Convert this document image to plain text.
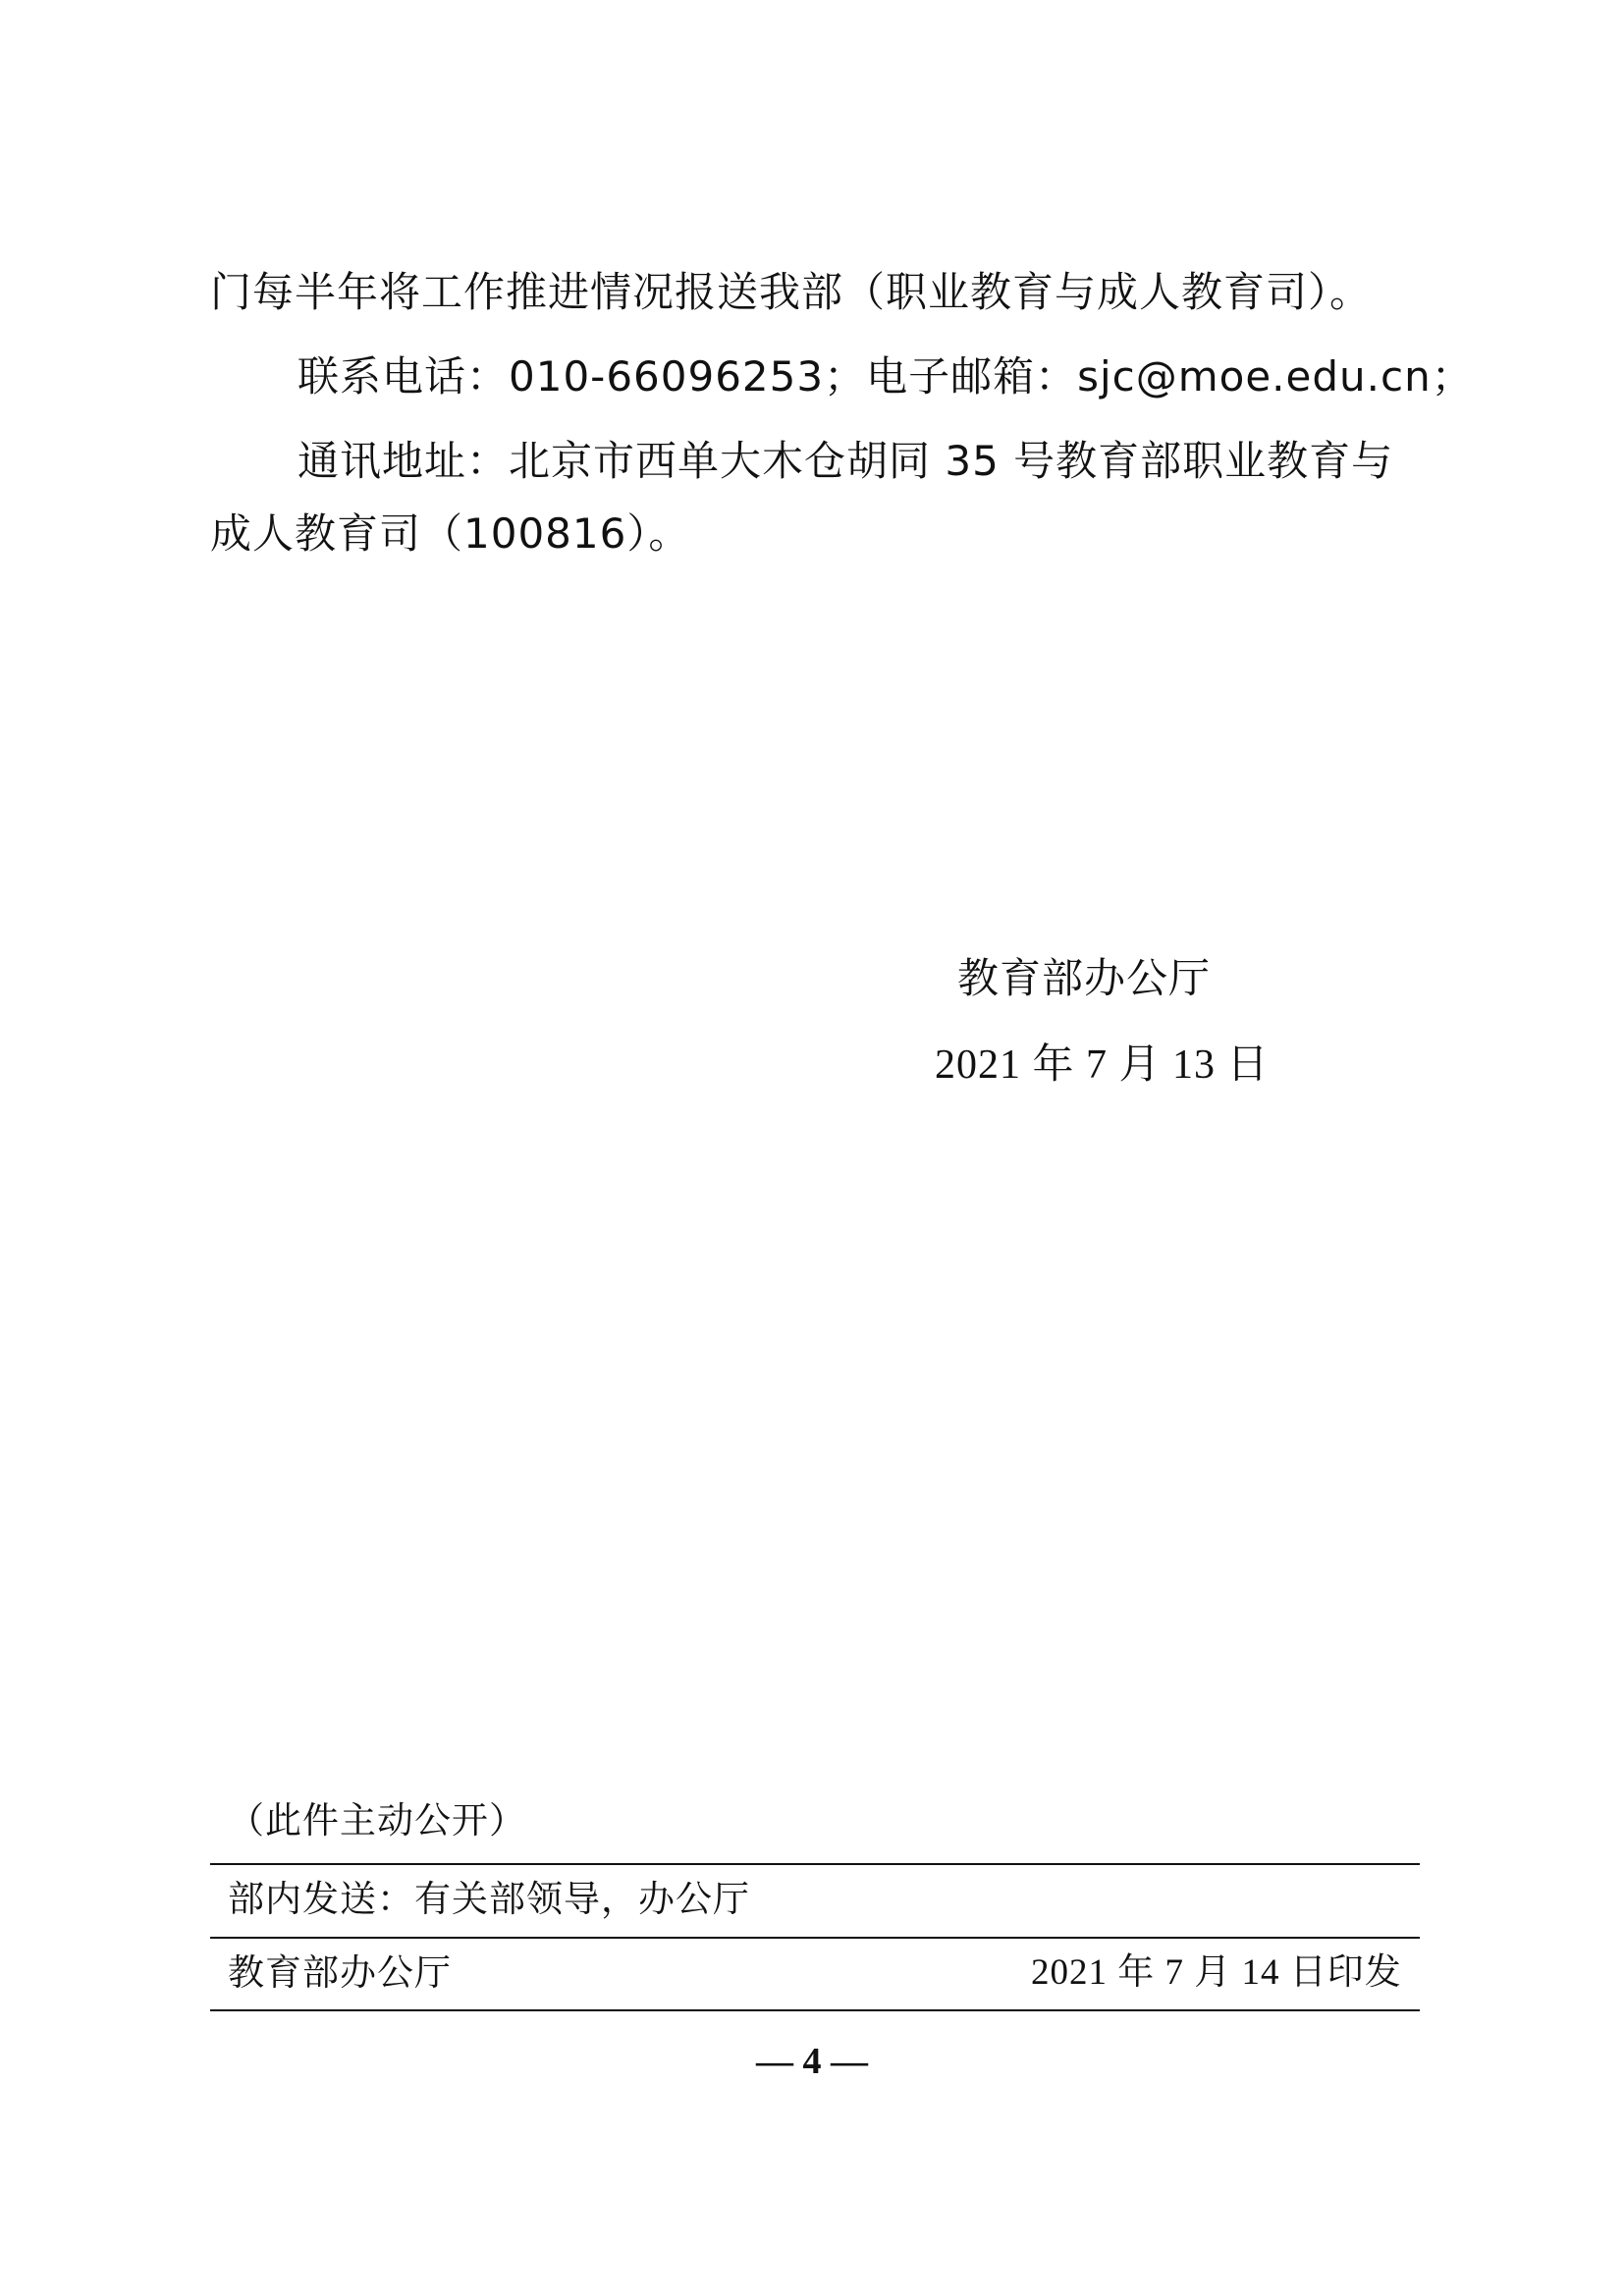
门每半年将工作推进情况报送我部（职业教育与成人教育司）。
联系电话：010-66096253；电子邮箱：sjc@moe.edu.cn；
通讯地址：北京市西单大木仓胡同 35 号教育部职业教育与
成人教育司（100816）。
教育部办公厅
2021 年 7 月 13 日
（此件主动公开）
部内发送：有关部领导，办公厅
教育部办公厅	2021 年 7 月 14 日印发
— 4 —
